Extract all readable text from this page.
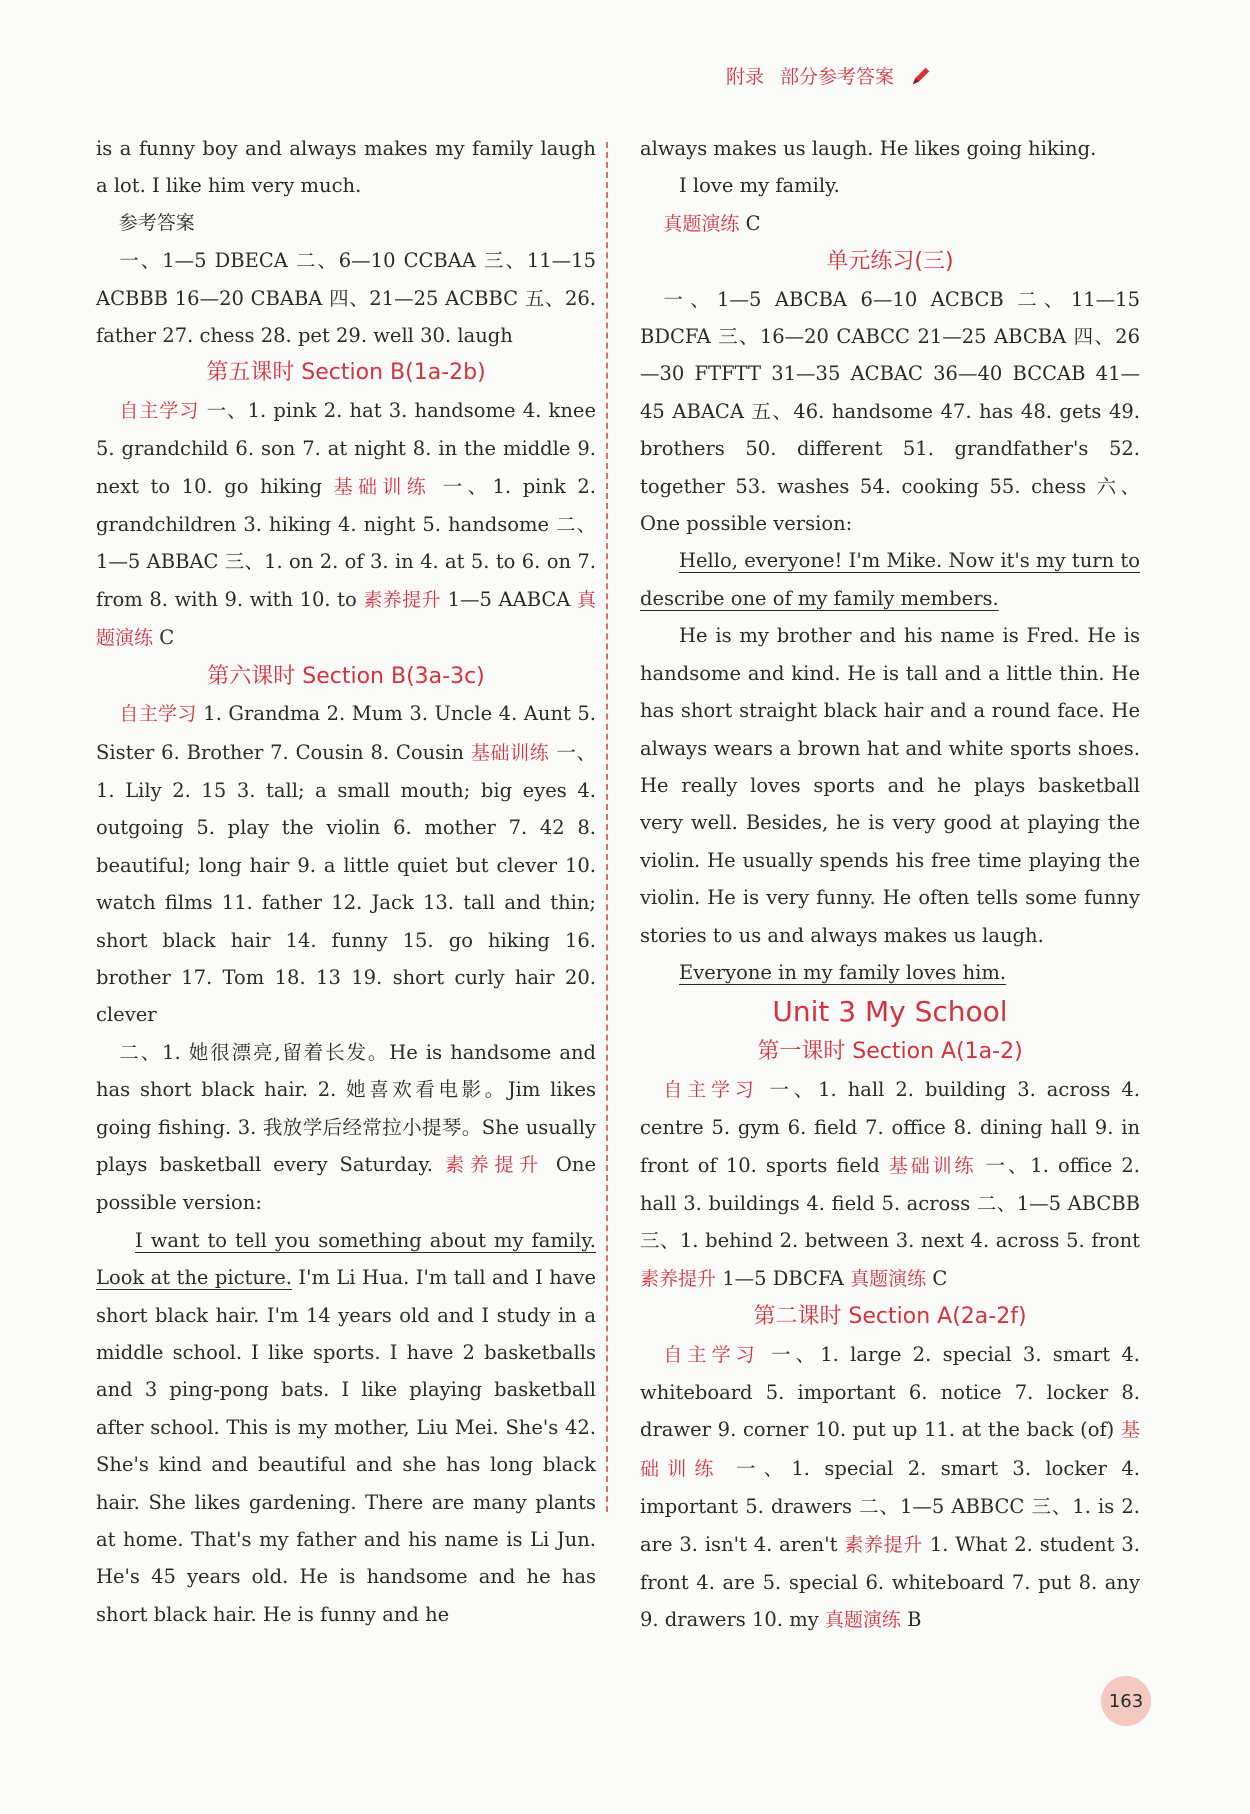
附录 部分参考答案

is a funny boy and always makes my family laugh a lot. I like him very much.

参考答案

一、1—5 DBECA 二、6—10 CCBAA 三、11—15 ACBBB 16—20 CBABA 四、21—25 ACBBC 五、26. father 27. chess 28. pet 29. well 30. laugh

第五课时 Section B(1a-2b)

自主学习 一、1. pink 2. hat 3. handsome 4. knee 5. grandchild 6. son 7. at night 8. in the middle 9. next to 10. go hiking 基础训练 一、1. pink 2. grandchildren 3. hiking 4. night 5. handsome 二、1—5 ABBAC 三、1. on 2. of 3. in 4. at 5. to 6. on 7. from 8. with 9. with 10. to 素养提升 1—5 AABCA 真题演练 C

第六课时 Section B(3a-3c)

自主学习 1. Grandma 2. Mum 3. Uncle 4. Aunt 5. Sister 6. Brother 7. Cousin 8. Cousin 基础训练 一、1. Lily 2. 15 3. tall; a small mouth; big eyes 4. outgoing 5. play the violin 6. mother 7. 42 8. beautiful; long hair 9. a little quiet but clever 10. watch films 11. father 12. Jack 13. tall and thin; short black hair 14. funny 15. go hiking 16. brother 17. Tom 18. 13 19. short curly hair 20. clever

二、1. 她很漂亮,留着长发。He is handsome and has short black hair. 2. 她喜欢看电影。Jim likes going fishing. 3. 我放学后经常拉小提琴。She usually plays basketball every Saturday. 素养提升 One possible version:

I want to tell you something about my family. Look at the picture. I'm Li Hua. I'm tall and I have short black hair. I'm 14 years old and I study in a middle school. I like sports. I have 2 basketballs and 3 ping-pong bats. I like playing basketball after school. This is my mother, Liu Mei. She's 42. She's kind and beautiful and she has long black hair. She likes gardening. There are many plants at home. That's my father and his name is Li Jun. He's 45 years old. He is handsome and he has short black hair. He is funny and he

always makes us laugh. He likes going hiking.

I love my family.

真题演练 C

单元练习(三)

一、1—5 ABCBA 6—10 ACBCB 二、11—15 BDCFA 三、16—20 CABCC 21—25 ABCBA 四、26—30 FTFTT 31—35 ACBAC 36—40 BCCAB 41—45 ABACA 五、46. handsome 47. has 48. gets 49. brothers 50. different 51. grandfather's 52. together 53. washes 54. cooking 55. chess 六、One possible version:

Hello, everyone! I'm Mike. Now it's my turn to describe one of my family members.

He is my brother and his name is Fred. He is handsome and kind. He is tall and a little thin. He has short straight black hair and a round face. He always wears a brown hat and white sports shoes. He really loves sports and he plays basketball very well. Besides, he is very good at playing the violin. He usually spends his free time playing the violin. He is very funny. He often tells some funny stories to us and always makes us laugh.

Everyone in my family loves him.

Unit 3 My School

第一课时 Section A(1a-2)

自主学习 一、1. hall 2. building 3. across 4. centre 5. gym 6. field 7. office 8. dining hall 9. in front of 10. sports field 基础训练 一、1. office 2. hall 3. buildings 4. field 5. across 二、1—5 ABCBB 三、1. behind 2. between 3. next 4. across 5. front 素养提升 1—5 DBCFA 真题演练 C

第二课时 Section A(2a-2f)

自主学习 一、1. large 2. special 3. smart 4. whiteboard 5. important 6. notice 7. locker 8. drawer 9. corner 10. put up 11. at the back (of) 基础训练 一、1. special 2. smart 3. locker 4. important 5. drawers 二、1—5 ABBCC 三、1. is 2. are 3. isn't 4. aren't 素养提升 1. What 2. student 3. front 4. are 5. special 6. whiteboard 7. put 8. any 9. drawers 10. my 真题演练 B

163
